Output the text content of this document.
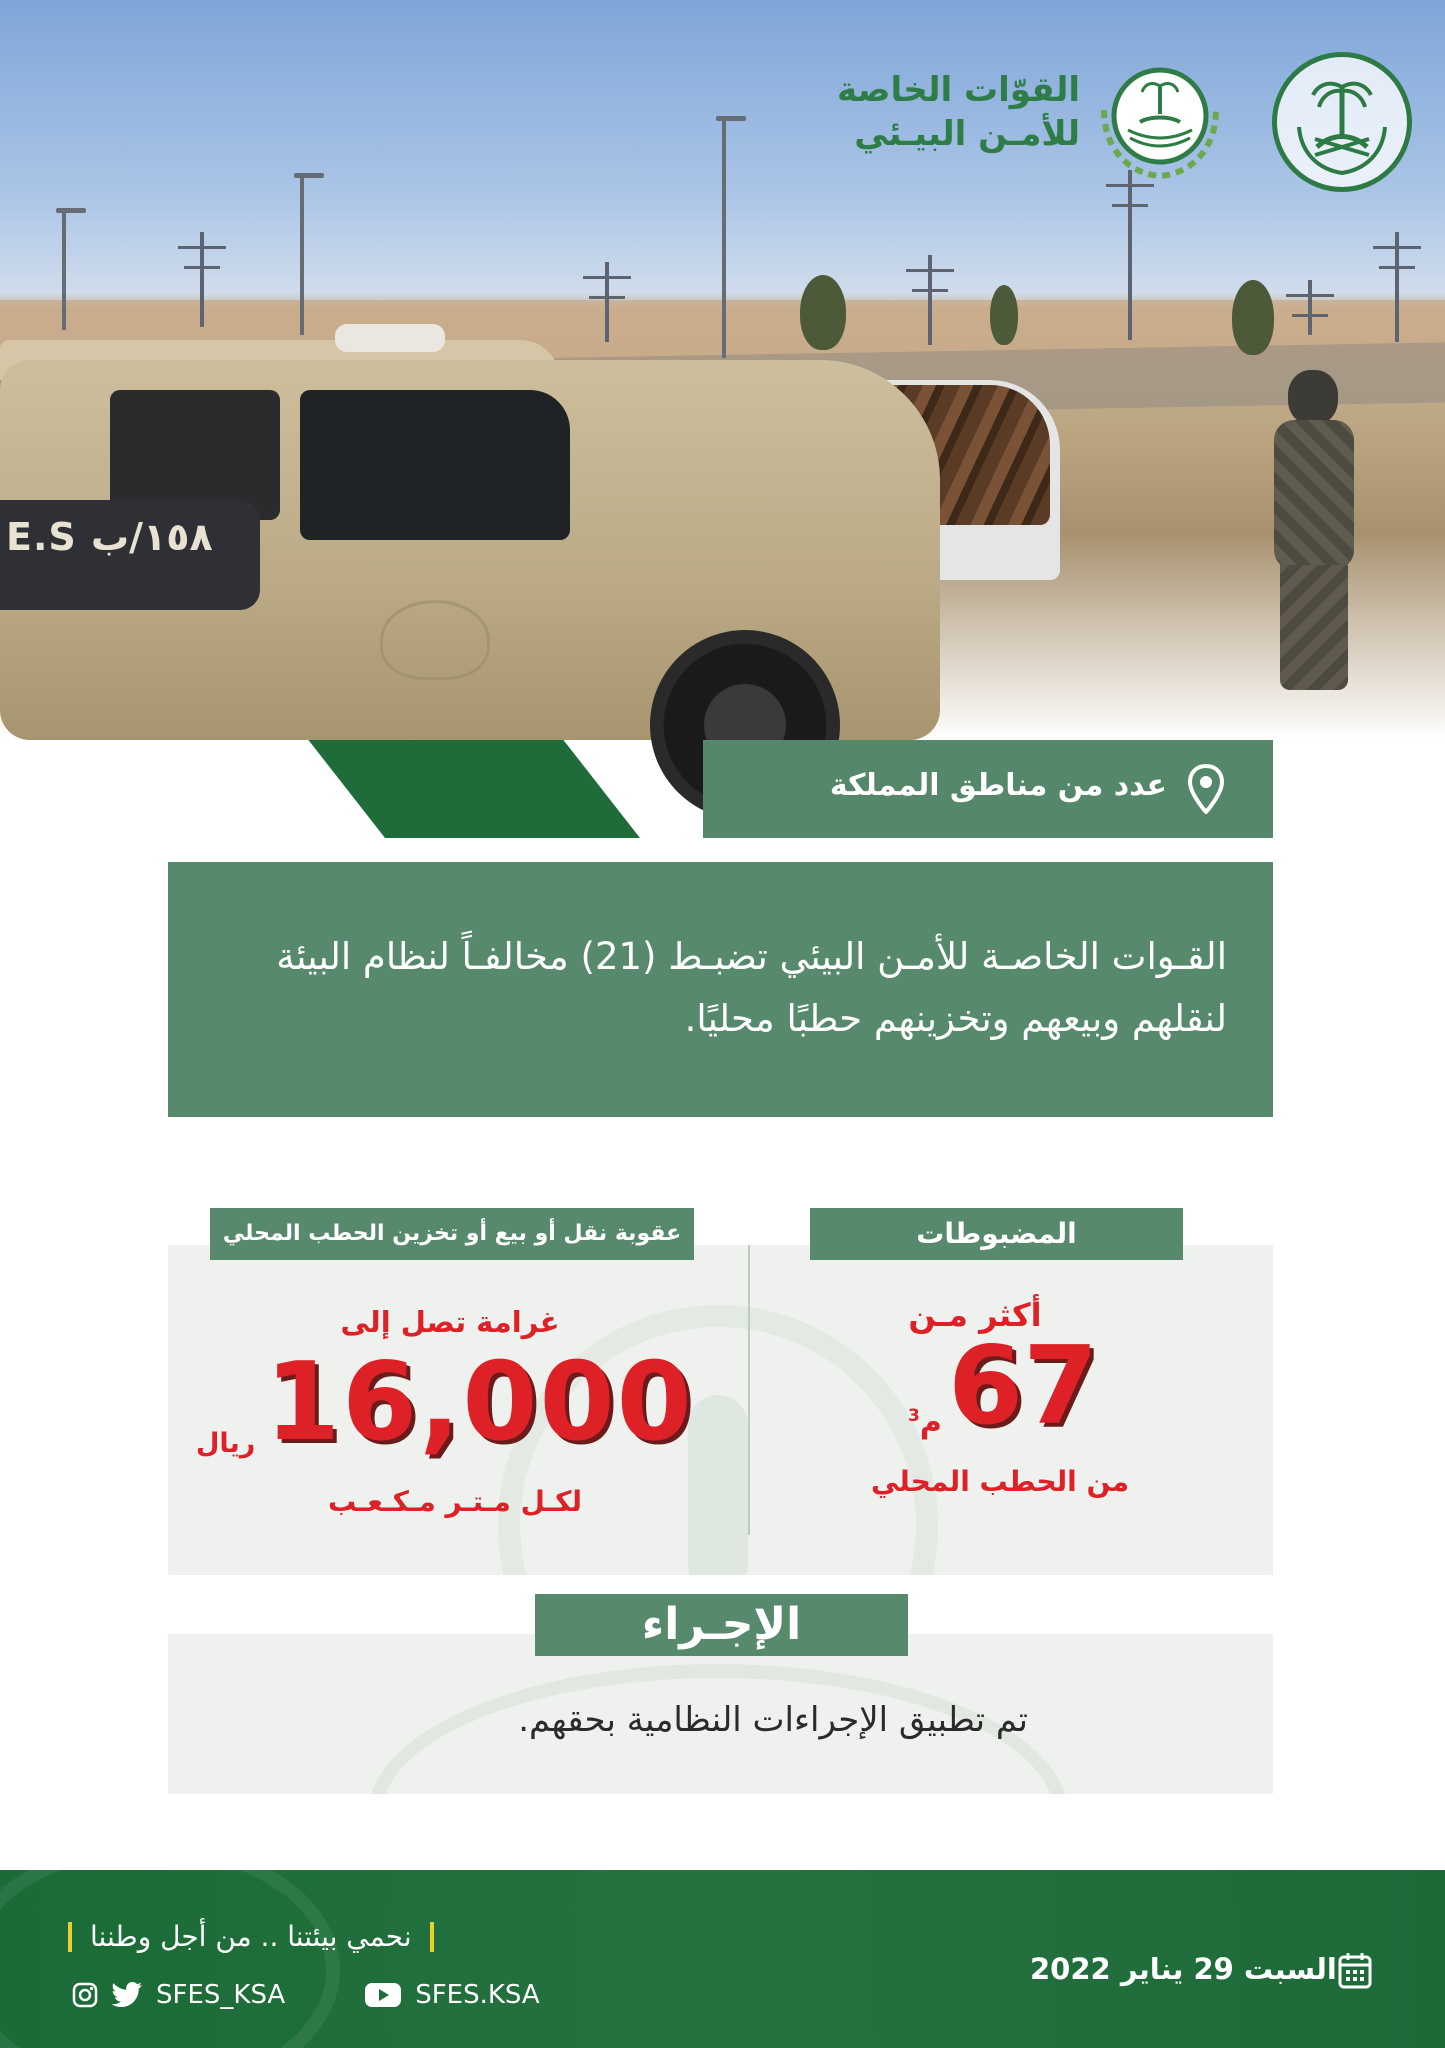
E.S ١٥٨/ب
القوّات الخاصة
للأمـن البيـئي
عدد من مناطق المملكة

القـوات الخاصـة للأمـن البيئي تضبـط (21) مخالفـاً لنظام البيئة لنقلهم وبيعهم وتخزينهم حطبًا محليًا.

المضبوطات
عقوبة نقل أو بيع أو تخزين الحطب المحلي
أكثر مـن
67
م$^3$
من الحطب المحلي
غرامة تصل إلى
16,000
ريال
لكـل مـتـر مـكـعـب

تم تطبيق الإجراءات النظامية بحقهم.

الإجـراء
نحمي بيئتنا .. من أجل وطننا
SFES_KSA	SFES.KSA
السبت 29 يناير 2022
